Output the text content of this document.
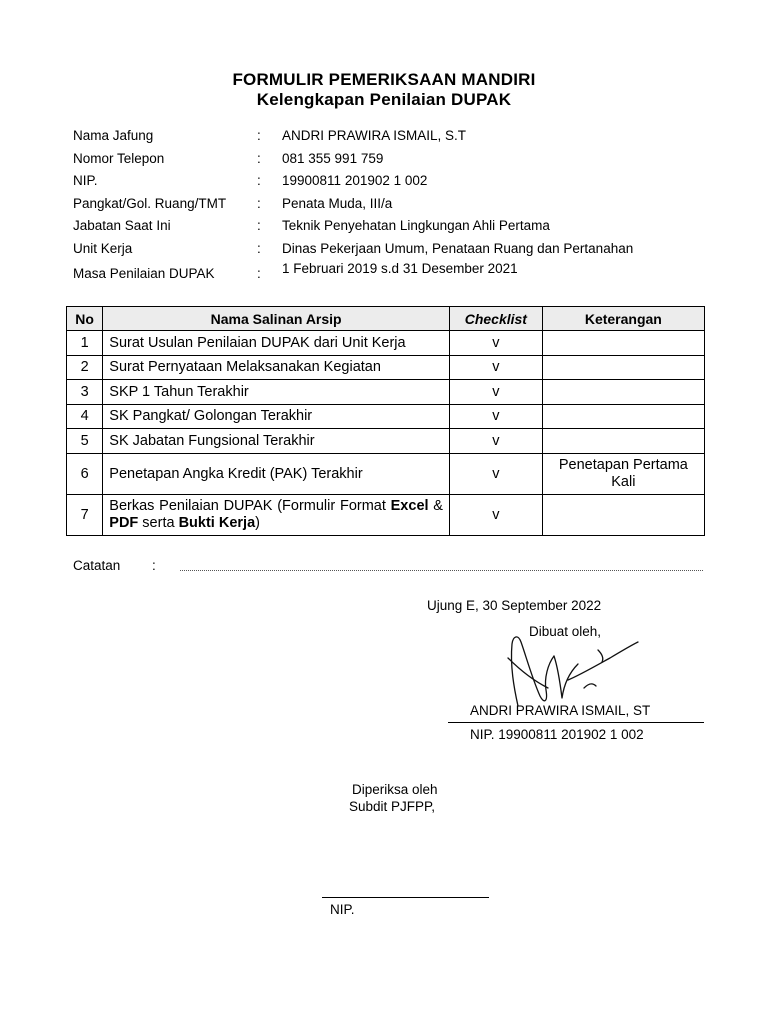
FORMULIR PEMERIKSAAN MANDIRI
Kelengkapan Penilaian DUPAK
Nama Jafung	: ANDRI PRAWIRA ISMAIL, S.T
Nomor Telepon	: 081 355 991 759
NIP.	: 19900811 201902 1 002
Pangkat/Gol. Ruang/TMT : Penata Muda, III/a
Jabatan Saat Ini	: Teknik Penyehatan Lingkungan Ahli Pertama
Unit Kerja	: Dinas Pekerjaan Umum, Penataan Ruang dan Pertanahan
Masa Penilaian DUPAK	: 1 Februari 2019 s.d 31 Desember 2021
No	Nama Salinan Arsip	Checklist	Keterangan
1	Surat Usulan Penilaian DUPAK dari Unit Kerja	v	
2	Surat Pernyataan Melaksanakan Kegiatan	v	
3	SKP 1 Tahun Terakhir	v	
4	SK Pangkat/ Golongan Terakhir	v	
5	SK Jabatan Fungsional Terakhir	v	
6	Penetapan Angka Kredit (PAK) Terakhir	v	Penetapan Pertama Kali
7	Berkas Penilaian DUPAK (Formulir Format Excel & PDF serta Bukti Kerja)	v	
Catatan :
Ujung E, 30 September 2022
Dibuat oleh,
ANDRI PRAWIRA ISMAIL, ST
NIP. 19900811 201902 1 002
Diperiksa oleh
Subdit PJFPP,
NIP.
